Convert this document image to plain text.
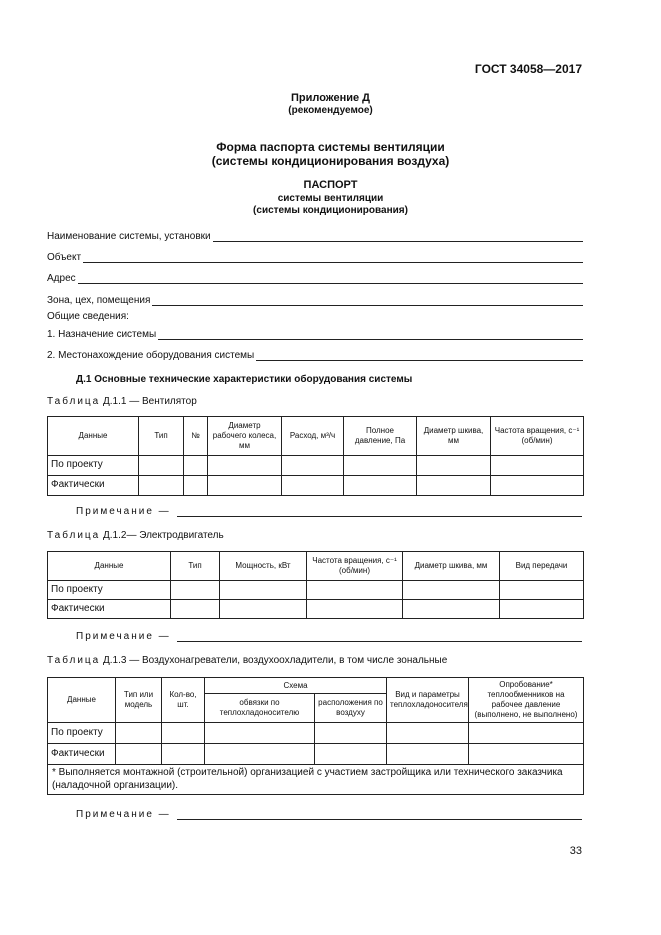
ГОСТ 34058—2017
Приложение Д
(рекомендуемое)
Форма паспорта системы вентиляции
(системы кондиционирования воздуха)
ПАСПОРТ
системы вентиляции
(системы кондиционирования)
Наименование системы, установки
Объект
Адрес
Зона, цех, помещения
Общие сведения:
1. Назначение системы
2. Местонахождение оборудования системы
Д.1 Основные технические характеристики оборудования системы
Таблица Д.1.1 — Вентилятор
Данные	Тип	№	Диаметр рабочего колеса, мм	Расход, м³/ч	Полное давление, Па	Диаметр шкива, мм	Частота вращения, с⁻¹ (об/мин)
По проекту							
Фактически							
Примечание —
Таблица Д.1.2— Электродвигатель
Данные	Тип	Мощность, кВт	Частота вращения, с⁻¹ (об/мин)	Диаметр шкива, мм	Вид передачи
По проекту					
Фактически					
Примечание —
Таблица Д.1.3 — Воздухонагреватели, воздухоохладители, в том числе зональные
Данные	Тип или модель	Кол-во, шт.	Схема		Вид и параметры теплохладоносителя	Опробование* теплообменников на рабочее давление (выполнено, не выполнено)
			обвязки по теплохладоносителю	расположения по воздуху		
По проекту						
Фактически						
* Выполняется монтажной (строительной) организацией с участием застройщика или технического заказчика (наладочной организации).						
Примечание —
33
